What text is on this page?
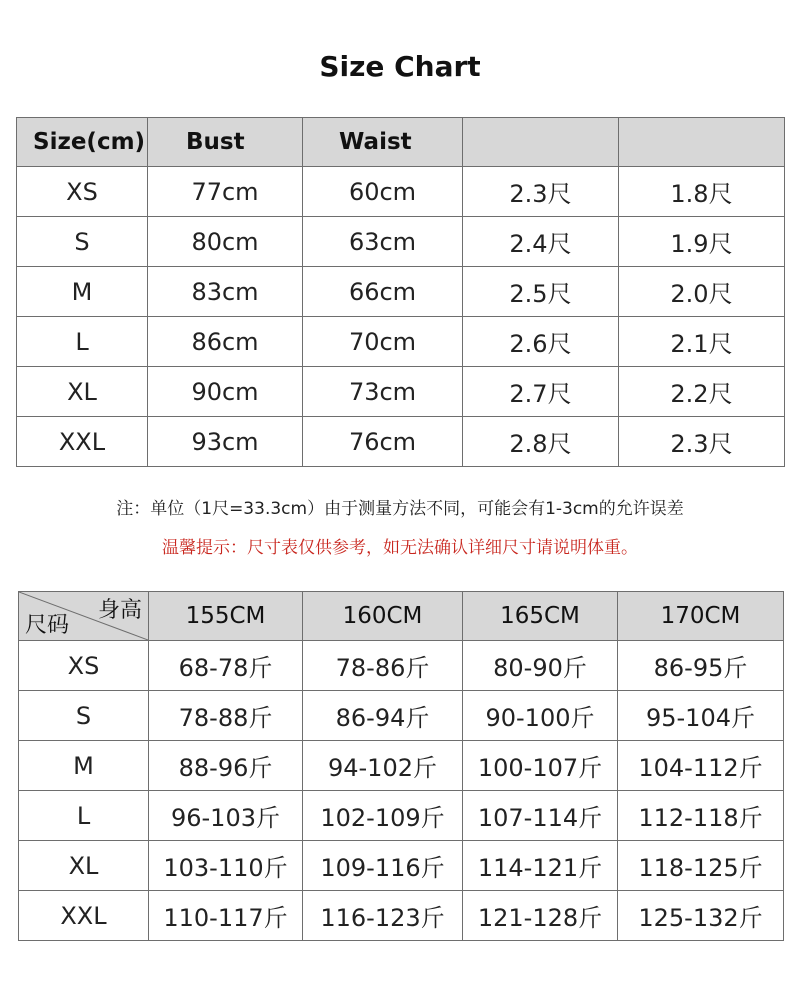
Size Chart
Size(cm)	Bust	Waist		
XS	77cm	60cm	2.3尺	1.8尺
S	80cm	63cm	2.4尺	1.9尺
M	83cm	66cm	2.5尺	2.0尺
L	86cm	70cm	2.6尺	2.1尺
XL	90cm	73cm	2.7尺	2.2尺
XXL	93cm	76cm	2.8尺	2.3尺
注：单位（1尺=33.3cm）由于测量方法不同，可能会有1-3cm的允许误差
温馨提示：尺寸表仅供参考，如无法确认详细尺寸请说明体重。
身高
尺码	155CM	160CM	165CM	170CM
XS	68-78斤	78-86斤	80-90斤	86-95斤
S	78-88斤	86-94斤	90-100斤	95-104斤
M	88-96斤	94-102斤	100-107斤	104-112斤
L	96-103斤	102-109斤	107-114斤	112-118斤
XL	103-110斤	109-116斤	114-121斤	118-125斤
XXL	110-117斤	116-123斤	121-128斤	125-132斤
